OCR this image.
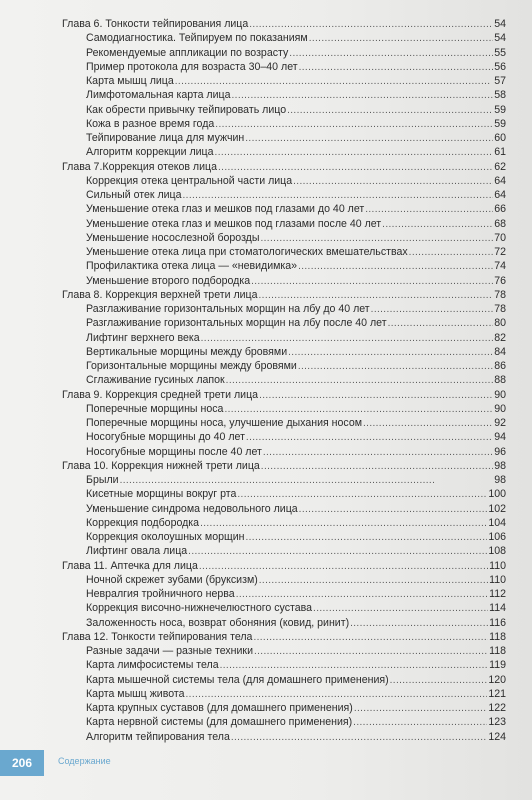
Глава 6. Тонкости тейпирования лица . . .	54
Самодиагностика. Тейпируем по показаниям . . .	54
Рекомендуемые аппликации по возрасту . . .	55
Пример протокола для возраста 30–40 лет . . .	56
Карта мышц лица . . .	57
Лимфотомальная карта лица . . .	58
Как обрести привычку тейпировать лицо . . .	59
Кожа в разное время года . . .	59
Тейпирование лица для мужчин . . .	60
Алгоритм коррекции лица . . .	61
Глава 7.Коррекция отеков лица . . .	62
Коррекция отека центральной части лица . . .	64
Сильный отек лица . . .	64
Уменьшение отека глаз и мешков под глазами до 40 лет . . .	66
Уменьшение отека глаз и мешков под глазами после 40 лет . . .	68
Уменьшение носослезной борозды . . .	70
Уменьшение отека лица при стоматологических вмешательствах . . .	72
Профилактика отека лица — «невидимка» . . .	74
Уменьшение второго подбородка . . .	76
Глава 8. Коррекция верхней трети лица . . .	78
Разглаживание горизонтальных морщин на лбу до 40 лет . . .	78
Разглаживание горизонтальных морщин на лбу после 40 лет . . .	80
Лифтинг верхнего века . . .	82
Вертикальные морщины между бровями . . .	84
Горизонтальные морщины между бровями . . .	86
Сглаживание гусиных лапок . . .	88
Глава 9. Коррекция средней трети лица . . .	90
Поперечные морщины носа . . .	90
Поперечные морщины носа, улучшение дыхания носом . . .	92
Носогубные морщины до 40 лет . . .	94
Носогубные морщины после 40 лет . . .	96
Глава 10. Коррекция нижней трети лица . . .	98
Брыли . . .	98
Кисетные морщины вокруг рта . . .	100
Уменьшение синдрома недовольного лица . . .	102
Коррекция подбородка . . .	104
Коррекция околоушных морщин . . .	106
Лифтинг овала лица . . .	108
Глава 11. Аптечка для лица . . .	110
Ночной скрежет зубами (бруксизм) . . .	110
Невралгия тройничного нерва . . .	112
Коррекция височно-нижнечелюстного сустава . . .	114
Заложенность носа, возврат обоняния (ковид, ринит) . . .	116
Глава 12. Тонкости тейпирования тела . . .	118
Разные задачи — разные техники . . .	118
Карта лимфосистемы тела . . .	119
Карта мышечной системы тела (для домашнего применения) . . .	120
Карта мышц живота . . .	121
Карта крупных суставов (для домашнего применения) . . .	122
Карта нервной системы (для домашнего применения) . . .	123
Алгоритм тейпирования тела . . .	124
206	Содержание
